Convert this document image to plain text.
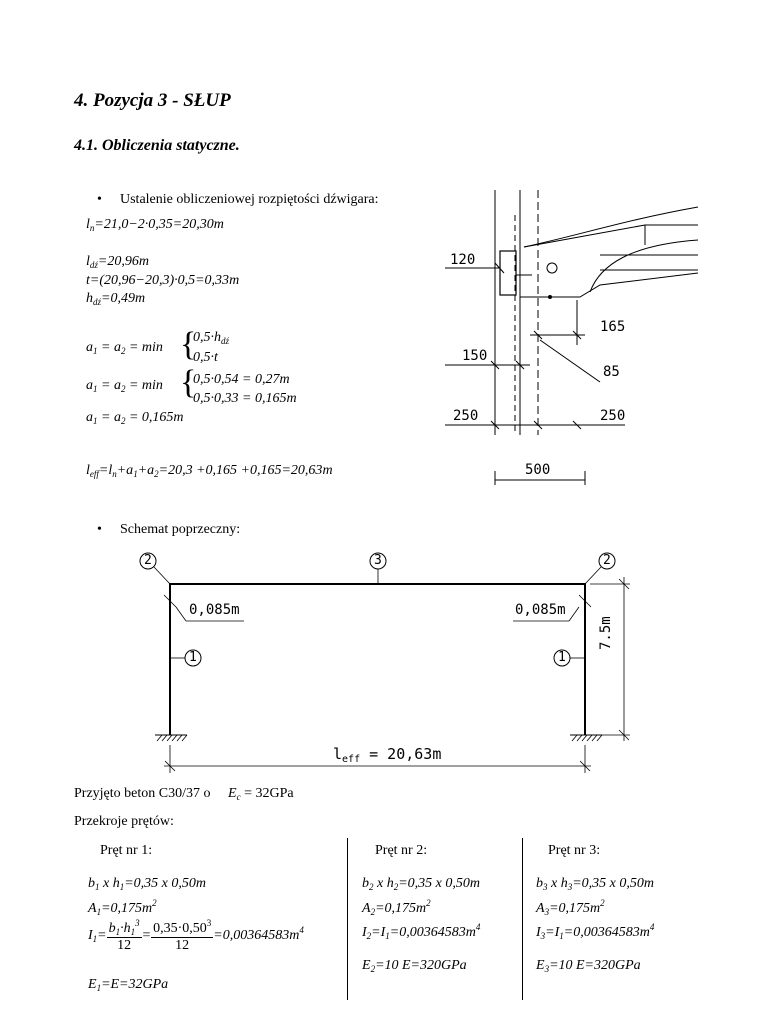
4. Pozycja 3 - SŁUP
4.1. Obliczenia statyczne.
• Ustalenie obliczeniowej rozpiętości dźwigara:
$l_n=21,0-2\cdot 0,35=20,30m$
$l_{dź}=20,96m$
t=(20,96−20,3)·0,5=0,33m
$h_{dź}=0,49m$
$a_1 = a_2 = \min$ {
$0,5\cdot h_{dź}$
0,5·t
$a_1 = a_2 = \min$ {
0,5·0,54 = 0,27m
0,5·0,33 = 0,165m
$a_1 = a_2 = 0,165m$
$l_{eff}=l_n+a_1+a_2=20,3 +0,165 +0,165=20,63m$
120
165
150
85
250	250
500
• Schemat poprzeczny:
2	3	2
1	1
0,085m	0,085m
7.5m
$l_{eff} = 20,63m$
Przyjęto beton C30/37 o $E_c = 32GPa$
Przekroje prętów:
Pręt nr 1:
$b_1$ x $h_1=0,35$ x 0,50m
$A_1=0,175m^2$
$I_1= \frac{b_1\cdot h_1^3}{12} = \frac{0,35\cdot 0,50^3}{12} =0,00364583m^4$
$E_1=E=32GPa$
Pręt nr 2:
$b_2$ x $h_2=0,35$ x 0,50m
$A_2=0,175m^2$
$I_2=I_1=0,00364583m^4$
$E_2=10$ E=320GPa
Pręt nr 3:
$b_3$ x $h_3=0,35$ x 0,50m
$A_3=0,175m^2$
$I_3=I_1=0,00364583m^4$
$E_3=10$ E=320GPa
